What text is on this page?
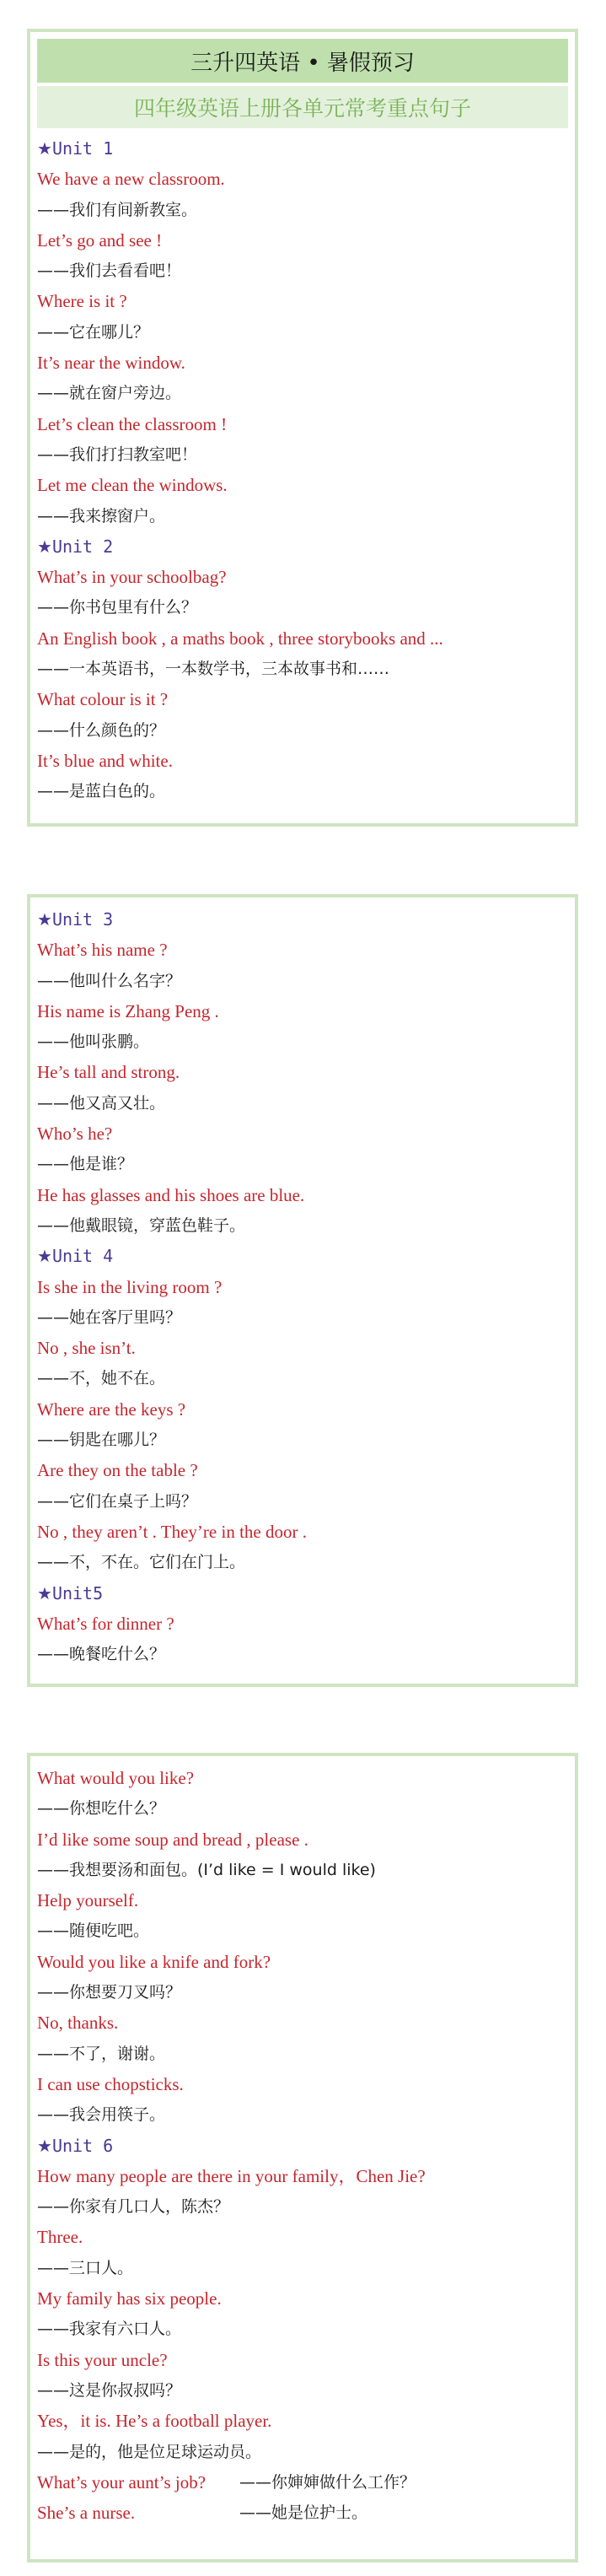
三升四英语 • 暑假预习
四年级英语上册各单元常考重点句子
★Unit 1
We have a new classroom.
——我们有间新教室。
Let’s go and see !
——我们去看看吧！
Where is it ?
——它在哪儿？
It’s near the window.
——就在窗户旁边。
Let’s clean the classroom !
——我们打扫教室吧！
Let me clean the windows.
——我来擦窗户。
★Unit 2
What’s in your schoolbag?
——你书包里有什么？
An English book , a maths book , three storybooks and ...
——一本英语书，一本数学书，三本故事书和……
What colour is it ?
——什么颜色的？
It’s blue and white.
——是蓝白色的。
★Unit 3
What’s his name ?
——他叫什么名字？
His name is Zhang Peng .
——他叫张鹏。
He’s tall and strong.
——他又高又壮。
Who’s he?
——他是谁？
He has glasses and his shoes are blue.
——他戴眼镜，穿蓝色鞋子。
★Unit 4
Is she in the living room ?
——她在客厅里吗？
No , she isn’t.
——不，她不在。
Where are the keys ?
——钥匙在哪儿？
Are they on the table ?
——它们在桌子上吗？
No , they aren’t . They’re in the door .
——不，不在。它们在门上。
★Unit5
What’s for dinner ?
——晚餐吃什么？
What would you like?
——你想吃什么？
I’d like some soup and bread , please .
——我想要汤和面包。(I’d like = I would like)
Help yourself.
——随便吃吧。
Would you like a knife and fork?
——你想要刀叉吗？
No, thanks.
——不了，谢谢。
I can use chopsticks.
——我会用筷子。
★Unit 6
How many people are there in your family，Chen Jie?
——你家有几口人，陈杰？
Three.
——三口人。
My family has six people.
——我家有六口人。
Is this your uncle?
——这是你叔叔吗？
Yes，it is. He’s a football player.
——是的，他是位足球运动员。
What’s your aunt’s job?	——你婶婶做什么工作？
She’s a nurse.	——她是位护士。
